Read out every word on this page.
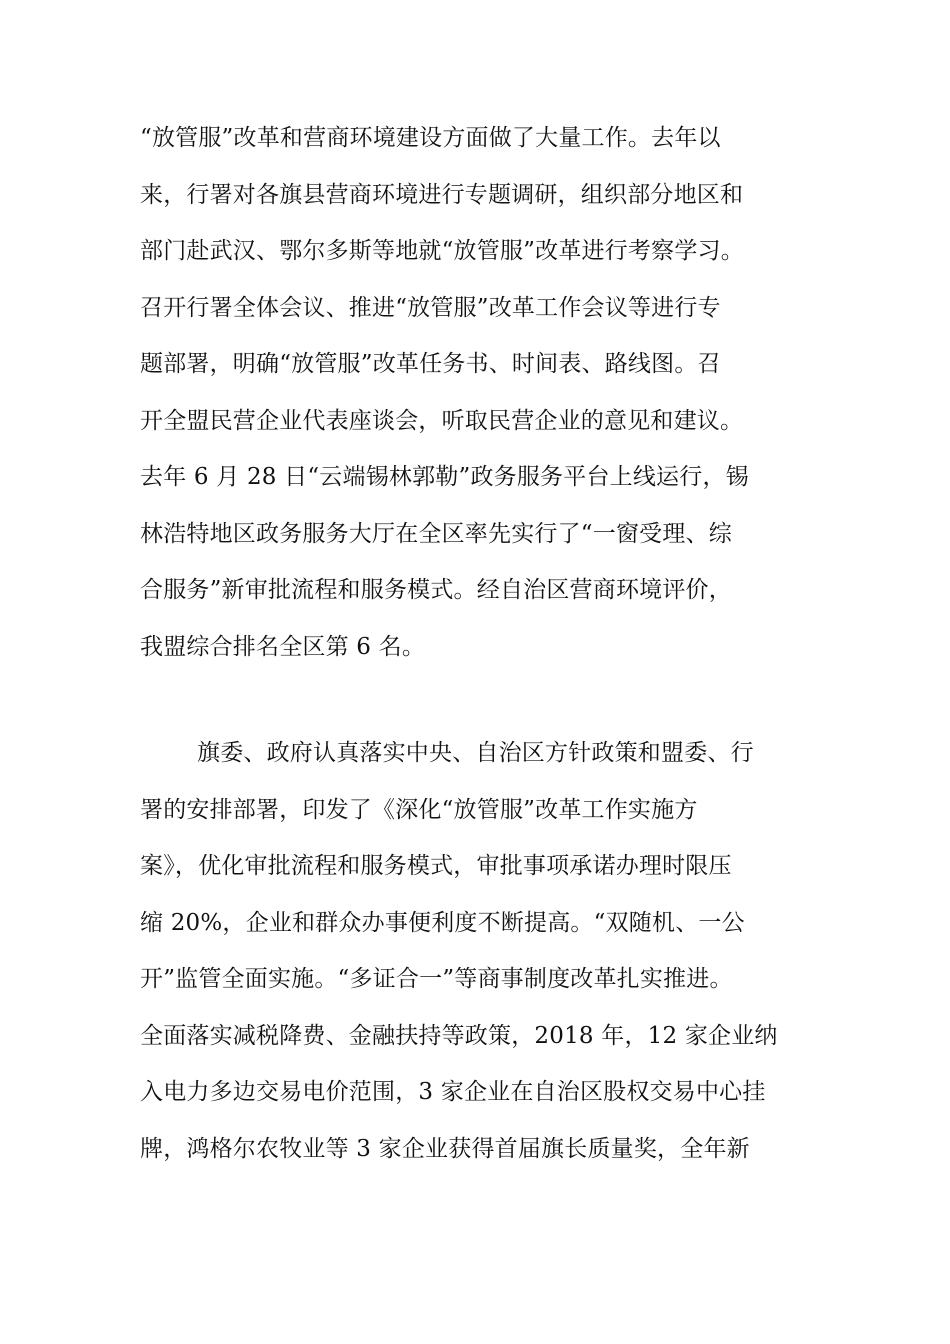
“放管服”改革和营商环境建设方面做了大量工作。去年以
来，行署对各旗县营商环境进行专题调研，组织部分地区和
部门赴武汉、鄂尔多斯等地就“放管服”改革进行考察学习。
召开行署全体会议、推进“放管服”改革工作会议等进行专
题部署，明确“放管服”改革任务书、时间表、路线图。召
开全盟民营企业代表座谈会，听取民营企业的意见和建议。
去年 6 月 28 日“云端锡林郭勒”政务服务平台上线运行，锡
林浩特地区政务服务大厅在全区率先实行了“一窗受理、综
合服务”新审批流程和服务模式。经自治区营商环境评价，
我盟综合排名全区第 6 名。
旗委、政府认真落实中央、自治区方针政策和盟委、行
署的安排部署，印发了《深化“放管服”改革工作实施方
案》，优化审批流程和服务模式，审批事项承诺办理时限压
缩 20%，企业和群众办事便利度不断提高。“双随机、一公
开”监管全面实施。“多证合一”等商事制度改革扎实推进。
全面落实减税降费、金融扶持等政策，2018 年，12 家企业纳
入电力多边交易电价范围，3 家企业在自治区股权交易中心挂
牌，鸿格尔农牧业等 3 家企业获得首届旗长质量奖，全年新
